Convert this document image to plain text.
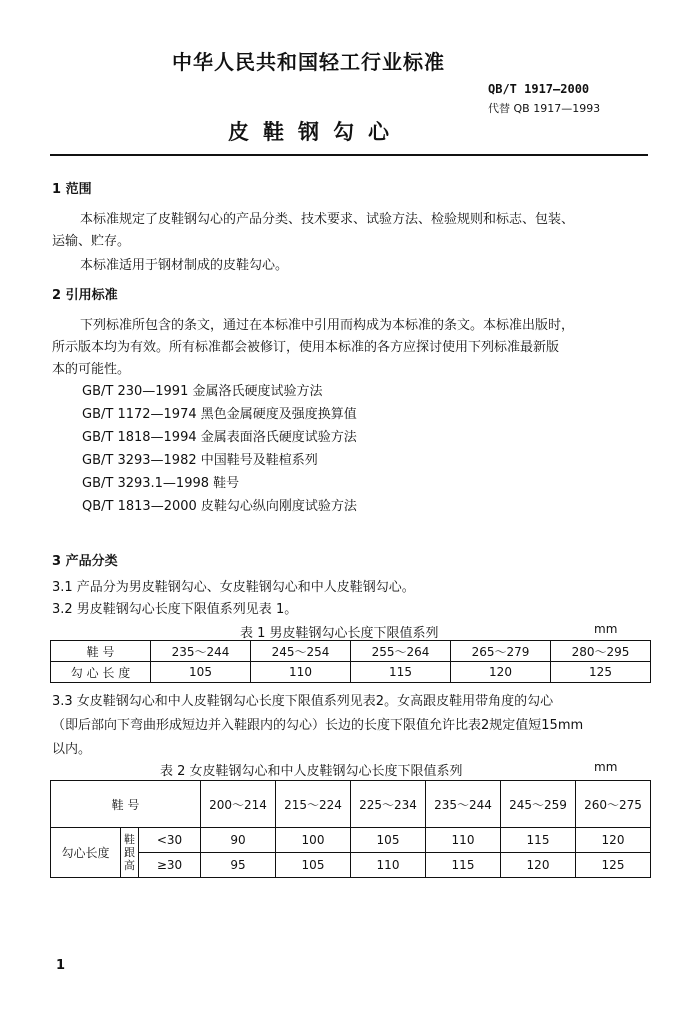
中华人民共和国轻工行业标准
QB/T 1917—2000
代替 QB 1917—1993
皮鞋钢勾心
1 范围
本标准规定了皮鞋钢勾心的产品分类、技术要求、试验方法、检验规则和标志、包装、
运输、贮存。
本标准适用于钢材制成的皮鞋勾心。
2 引用标准
下列标准所包含的条文，通过在本标准中引用而构成为本标准的条文。本标准出版时，
所示版本均为有效。所有标准都会被修订，使用本标准的各方应探讨使用下列标准最新版
本的可能性。
GB/T 230—1991 金属洛氏硬度试验方法
GB/T 1172—1974 黑色金属硬度及强度换算值
GB/T 1818—1994 金属表面洛氏硬度试验方法
GB/T 3293—1982 中国鞋号及鞋楦系列
GB/T 3293.1—1998 鞋号
QB/T 1813—2000 皮鞋勾心纵向刚度试验方法
3 产品分类
3.1 产品分为男皮鞋钢勾心、女皮鞋钢勾心和中人皮鞋钢勾心。
3.2 男皮鞋钢勾心长度下限值系列见表 1。
表 1 男皮鞋钢勾心长度下限值系列	mm
鞋 号	235～244	245～254	255～264	265～279	280～295
勾 心 长 度	105	110	115	120	125
3.3 女皮鞋钢勾心和中人皮鞋钢勾心长度下限值系列见表2。女高跟皮鞋用带角度的勾心
（即后部向下弯曲形成短边并入鞋跟内的勾心）长边的长度下限值允许比表2规定值短15mm
以内。
表 2 女皮鞋钢勾心和中人皮鞋钢勾心长度下限值系列	mm
鞋 号			200～214	215～224	225～234	235～244	245～259	260～275
勾心长度	鞋跟高	<30	90	100	105	110	115	120
		≥30	95	105	110	115	120	125
1
